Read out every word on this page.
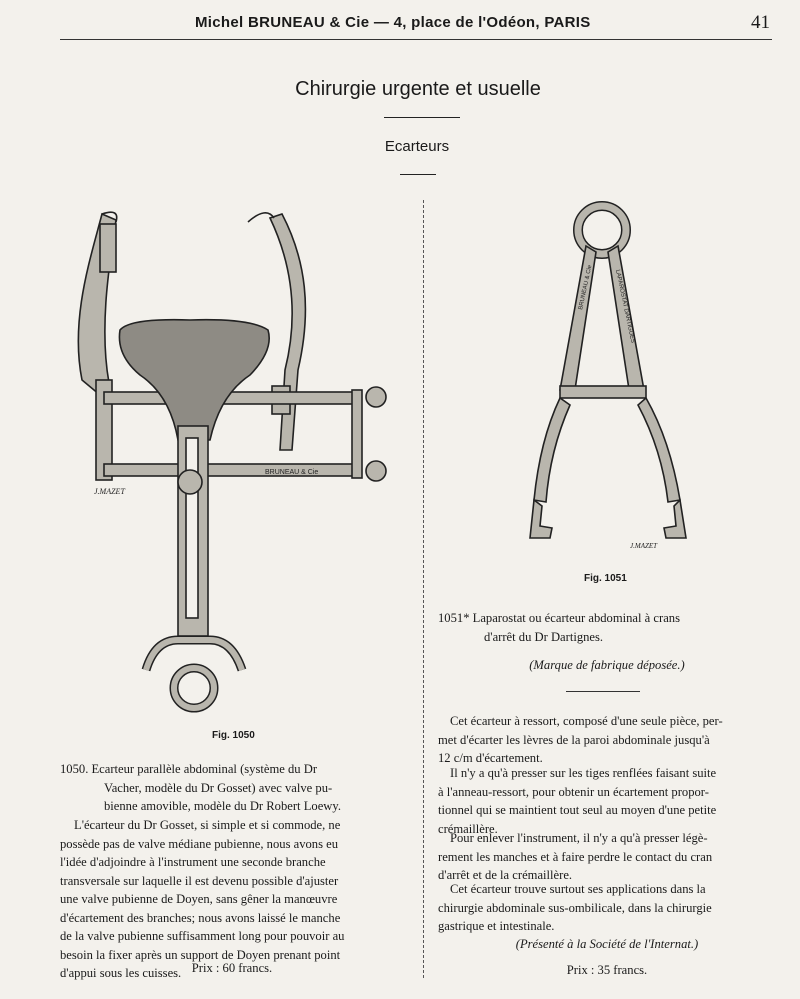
Michel BRUNEAU & Cie — 4, place de l'Odéon, PARIS	41
Chirurgie urgente et usuelle
Ecarteurs
BRUNEAU & Cie
J.MAZET
Fig. 1050
BRUNEAU & Cie	LAPAROSTAT DARTIGUES
J.MAZET
Fig. 1051
1050. Ecarteur parallèle abdominal (système du Dr
Vacher, modèle du Dr Gosset) avec valve pu-
bienne amovible, modèle du Dr Robert Loewy.
L'écarteur du Dr Gosset, si simple et si commode, ne
possède pas de valve médiane pubienne, nous avons eu
l'idée d'adjoindre à l'instrument une seconde branche
transversale sur laquelle il est devenu possible d'ajuster
une valve pubienne de Doyen, sans gêner la manœuvre
d'écartement des branches; nous avons laissé le manche
de la valve pubienne suffisamment long pour pouvoir au
besoin la fixer après un support de Doyen prenant point
d'appui sous les cuisses. Prix : 60 francs.
1051* Laparostat ou écarteur abdominal à crans
d'arrêt du Dr Dartignes.
(Marque de fabrique déposée.)
Cet écarteur à ressort, composé d'une seule pièce, per-
met d'écarter les lèvres de la paroi abdominale jusqu'à
12 c/m d'écartement.
Il n'y a qu'à presser sur les tiges renflées faisant suite
à l'anneau-ressort, pour obtenir un écartement propor-
tionnel qui se maintient tout seul au moyen d'une petite
crémaillère.
Pour enlever l'instrument, il n'y a qu'à presser légè-
rement les manches et à faire perdre le contact du cran
d'arrêt et de la crémaillère.
Cet écarteur trouve surtout ses applications dans la
chirurgie abdominale sus-ombilicale, dans la chirurgie
gastrique et intestinale.
(Présenté à la Société de l'Internat.)
Prix : 35 francs.
